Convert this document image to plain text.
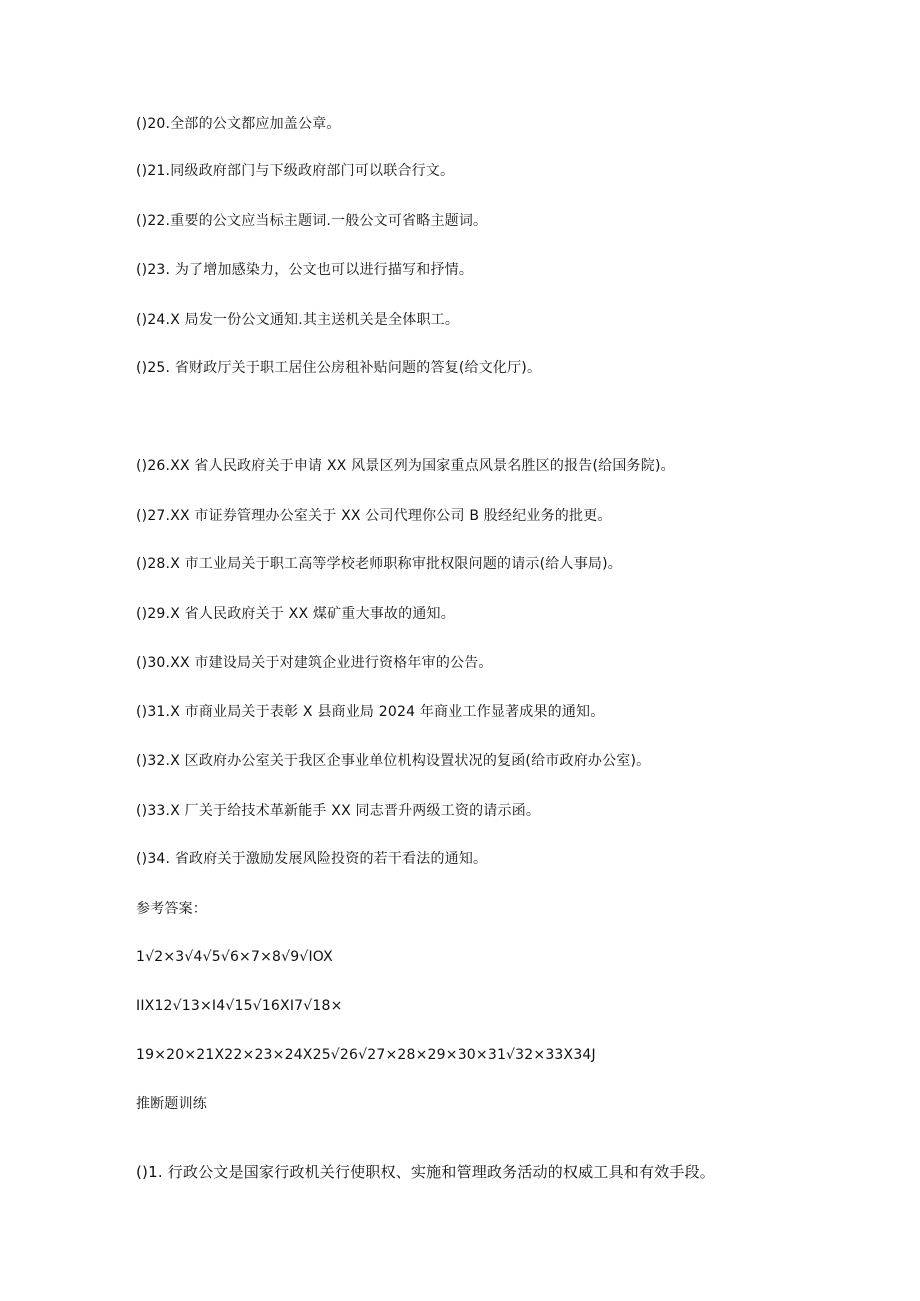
()20.全部的公文都应加盖公章。
()21.同级政府部门与下级政府部门可以联合行文。
()22.重要的公文应当标主题词.一般公文可省略主题词。
()23. 为了增加感染力，公文也可以进行描写和抒情。
()24.X 局发一份公文通知.其主送机关是全体职工。
()25. 省财政厅关于职工居住公房租补贴问题的答复(给文化厅)。
()26.XX 省人民政府关于申请 XX 风景区列为国家重点风景名胜区的报告(给国务院)。
()27.XX 市证券管理办公室关于 XX 公司代理你公司 B 股经纪业务的批更。
()28.X 市工业局关于职工高等学校老师职称审批权限问题的请示(给人事局)。
()29.X 省人民政府关于 XX 煤矿重大事故的通知。
()30.XX 市建设局关于对建筑企业进行资格年审的公告。
()31.X 市商业局关于表彰 X 县商业局 2024 年商业工作显著成果的通知。
()32.X 区政府办公室关于我区企事业单位机构设置状况的复函(给市政府办公室)。
()33.X 厂关于给技术革新能手 XX 同志晋升两级工资的请示函。
()34. 省政府关于激励发展风险投资的若干看法的通知。
参考答案：
1√2×3√4√5√6×7×8√9√IOX
IIX12√13×I4√15√16XI7√18×
19×20×21X22×23×24X25√26√27×28×29×30×31√32×33X34J
推断题训练
()1. 行政公文是国家行政机关行使职权、实施和管理政务活动的权威工具和有效手段。
